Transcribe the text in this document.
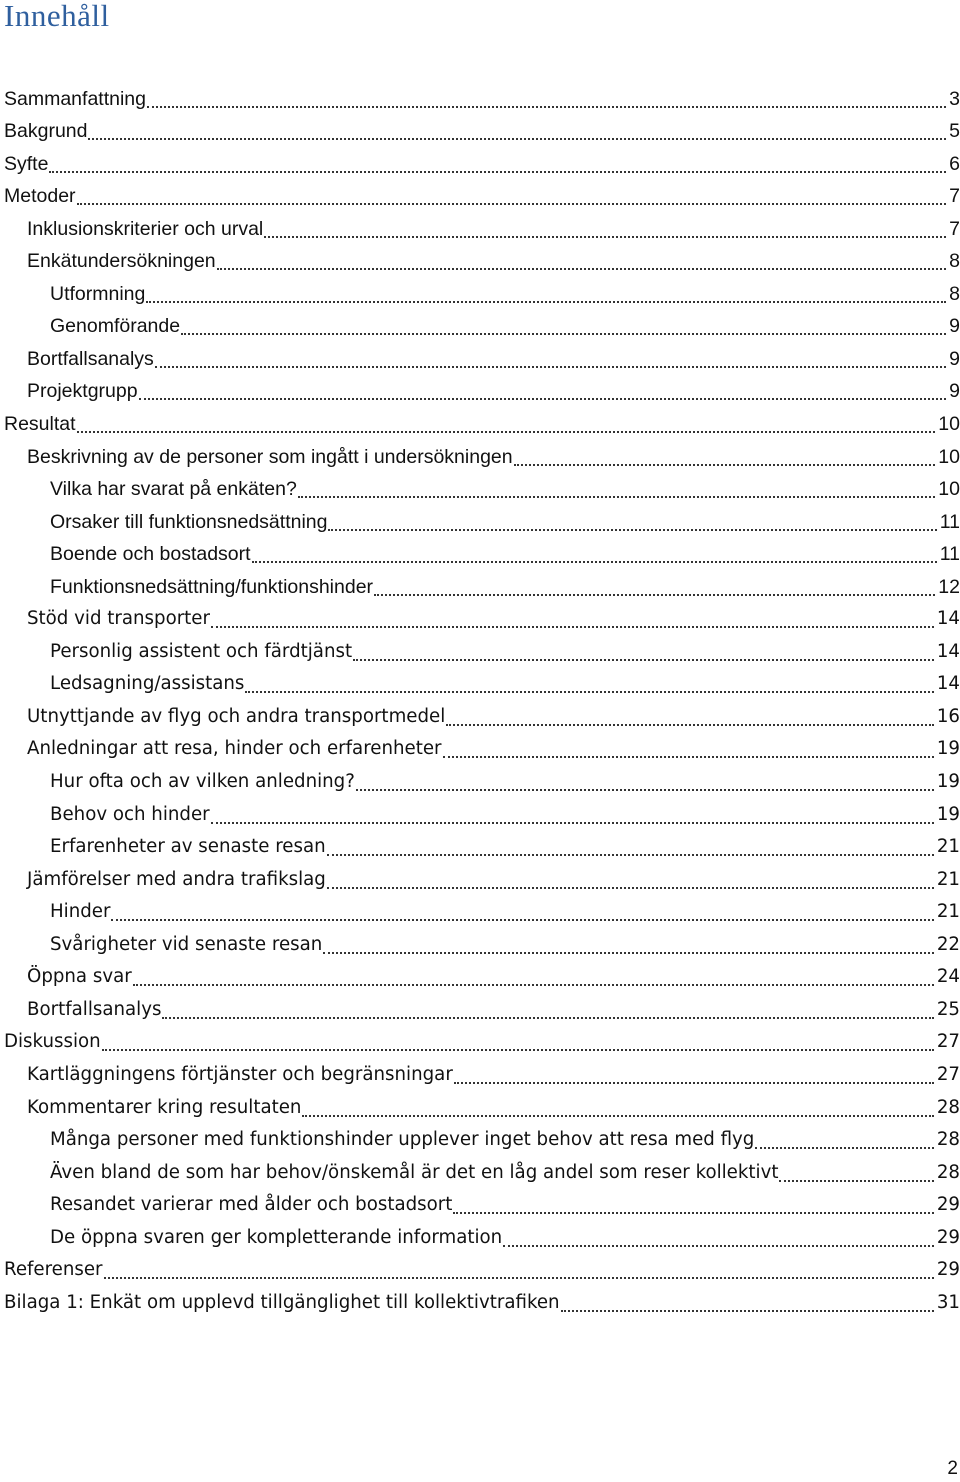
Innehåll
Sammanfattning	3
Bakgrund	5
Syfte	6
Metoder	7
Inklusionskriterier och urval	7
Enkätundersökningen	8
Utformning	8
Genomförande	9
Bortfallsanalys	9
Projektgrupp	9
Resultat	10
Beskrivning av de personer som ingått i undersökningen	10
Vilka har svarat på enkäten?	10
Orsaker till funktionsnedsättning	11
Boende och bostadsort	11
Funktionsnedsättning/funktionshinder	12
Stöd vid transporter	14
Personlig assistent och färdtjänst	14
Ledsagning/assistans	14
Utnyttjande av flyg och andra transportmedel	16
Anledningar att resa, hinder och erfarenheter	19
Hur ofta och av vilken anledning?	19
Behov och hinder	19
Erfarenheter av senaste resan	21
Jämförelser med andra trafikslag	21
Hinder	21
Svårigheter vid senaste resan	22
Öppna svar	24
Bortfallsanalys	25
Diskussion	27
Kartläggningens förtjänster och begränsningar	27
Kommentarer kring resultaten	28
Många personer med funktionshinder upplever inget behov att resa med flyg	28
Även bland de som har behov/önskemål är det en låg andel som reser kollektivt	28
Resandet varierar med ålder och bostadsort	29
De öppna svaren ger kompletterande information	29
Referenser	29
Bilaga 1: Enkät om upplevd tillgänglighet till kollektivtrafiken	31
2
